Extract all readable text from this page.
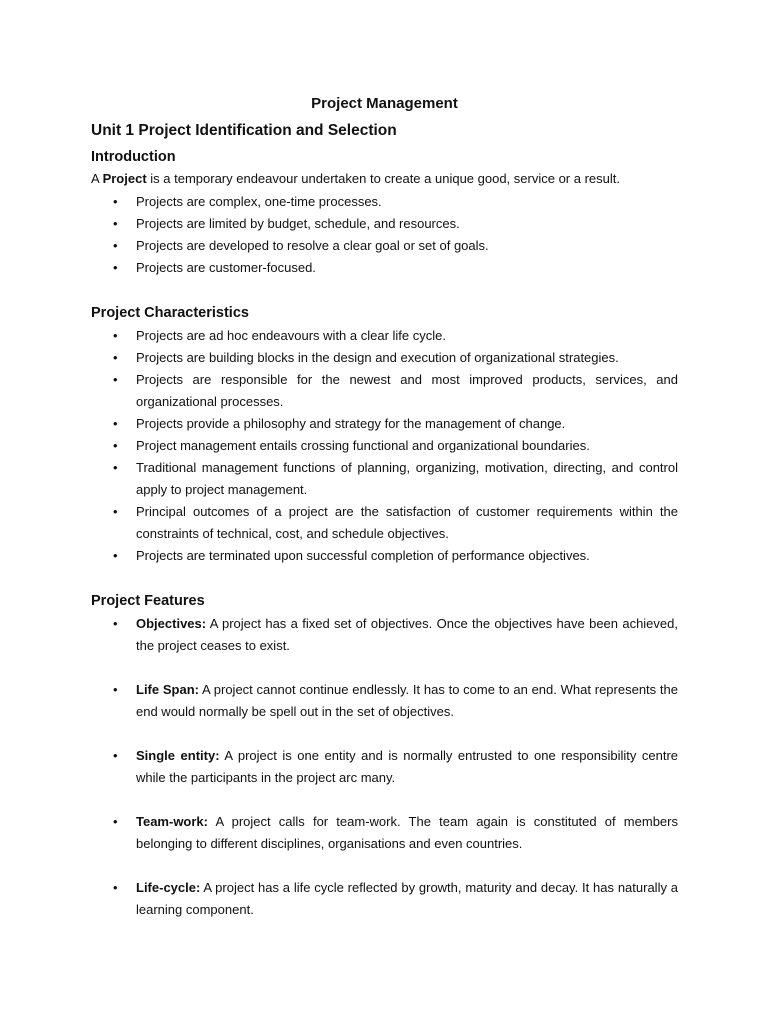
Project Management
Unit 1 Project Identification and Selection
Introduction
A Project is a temporary endeavour undertaken to create a unique good, service or a result.
• Projects are complex, one-time processes.
• Projects are limited by budget, schedule, and resources.
• Projects are developed to resolve a clear goal or set of goals.
• Projects are customer-focused.
Project Characteristics
• Projects are ad hoc endeavours with a clear life cycle.
• Projects are building blocks in the design and execution of organizational strategies.
• Projects are responsible for the newest and most improved products, services, and organizational processes.
• Projects provide a philosophy and strategy for the management of change.
• Project management entails crossing functional and organizational boundaries.
• Traditional management functions of planning, organizing, motivation, directing, and control apply to project management.
• Principal outcomes of a project are the satisfaction of customer requirements within the constraints of technical, cost, and schedule objectives.
• Projects are terminated upon successful completion of performance objectives.
Project Features
• Objectives: A project has a fixed set of objectives. Once the objectives have been achieved, the project ceases to exist.
• Life Span: A project cannot continue endlessly. It has to come to an end. What represents the end would normally be spell out in the set of objectives.
• Single entity: A project is one entity and is normally entrusted to one responsibility centre while the participants in the project arc many.
• Team-work: A project calls for team-work. The team again is constituted of members belonging to different disciplines, organisations and even countries.
• Life-cycle: A project has a life cycle reflected by growth, maturity and decay. It has naturally a learning component.
